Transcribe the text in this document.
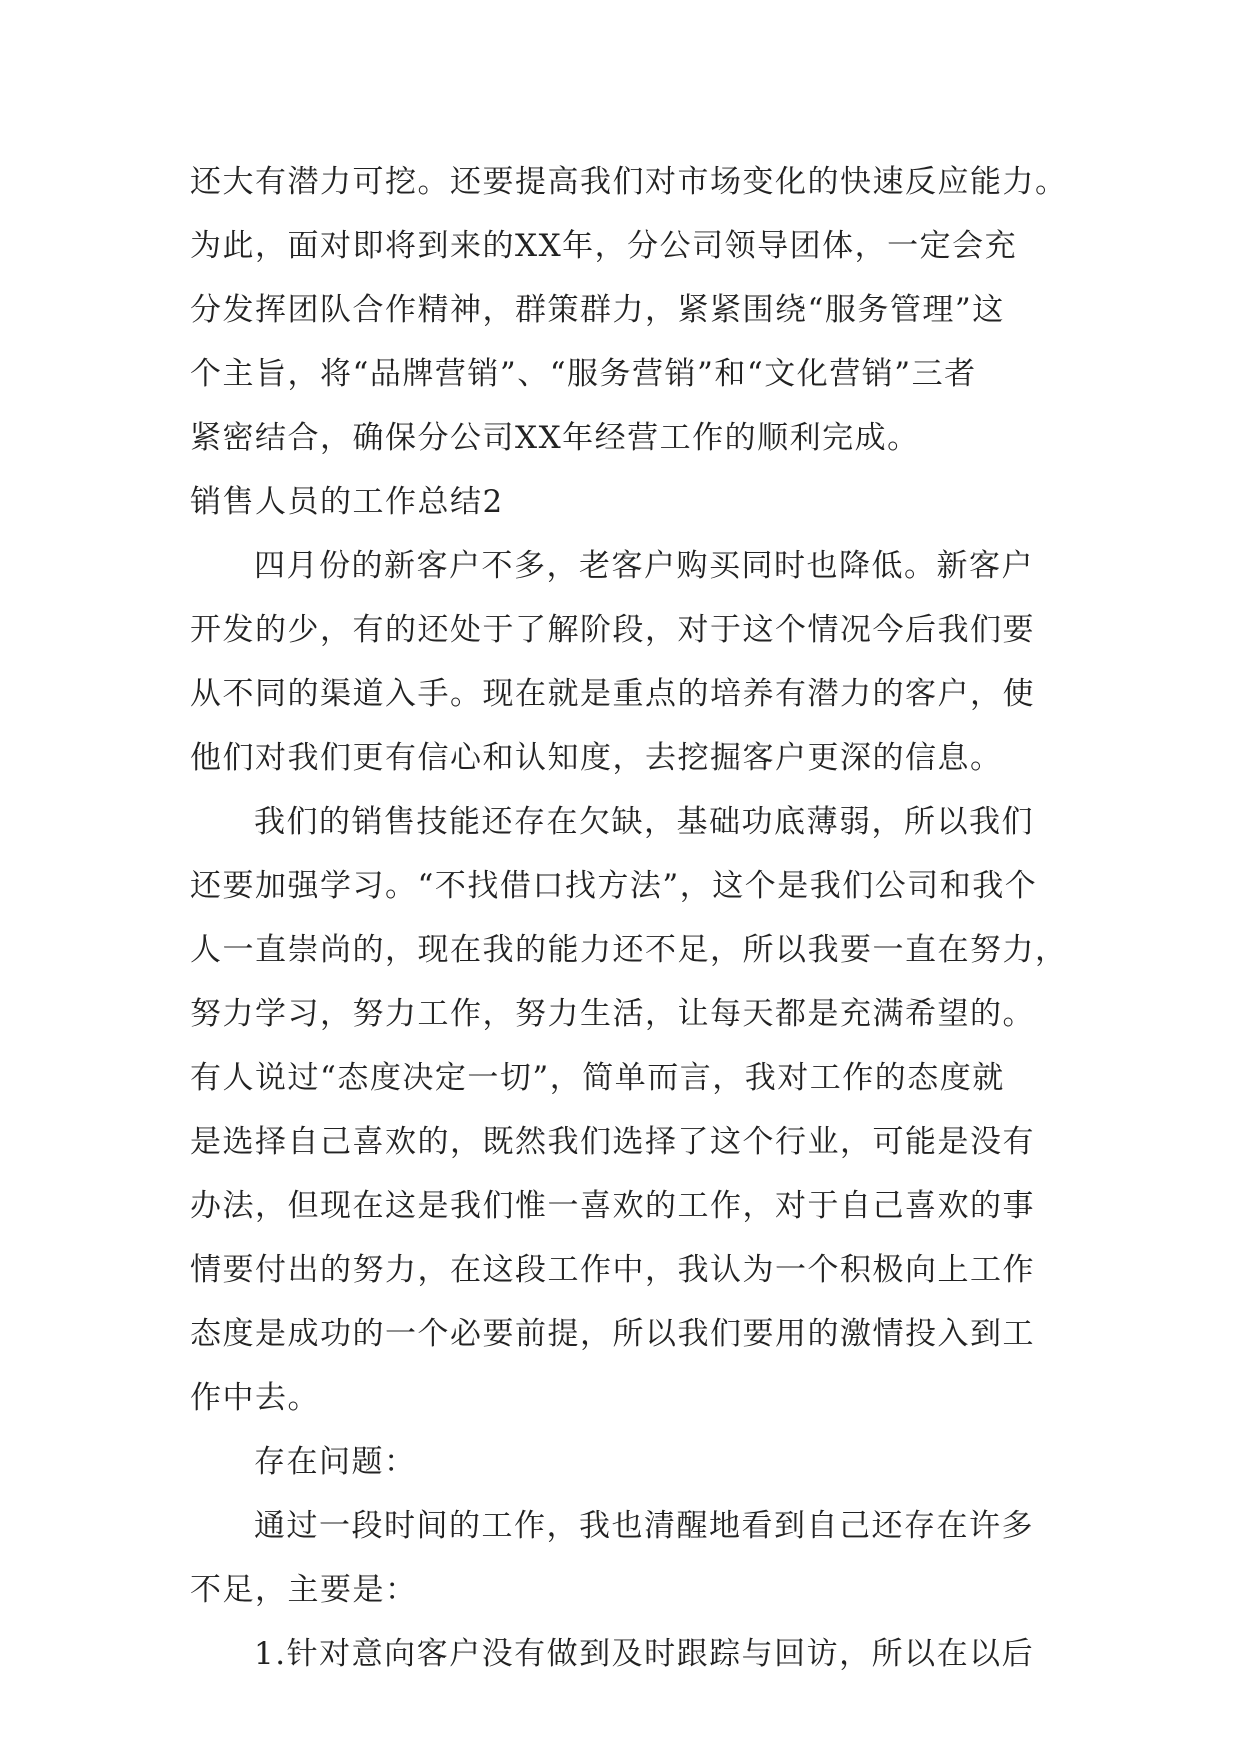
还大有潜力可挖。还要提高我们对市场变化的快速反应能力。
为此，面对即将到来的XX年，分公司领导团体，一定会充
分发挥团队合作精神，群策群力，紧紧围绕“服务管理”这
个主旨，将“品牌营销”、“服务营销”和“文化营销”三者
紧密结合，确保分公司XX年经营工作的顺利完成。
销售人员的工作总结2
四月份的新客户不多，老客户购买同时也降低。新客户
开发的少，有的还处于了解阶段，对于这个情况今后我们要
从不同的渠道入手。现在就是重点的培养有潜力的客户，使
他们对我们更有信心和认知度，去挖掘客户更深的信息。
我们的销售技能还存在欠缺，基础功底薄弱，所以我们
还要加强学习。“不找借口找方法”，这个是我们公司和我个
人一直崇尚的，现在我的能力还不足，所以我要一直在努力，
努力学习，努力工作，努力生活，让每天都是充满希望的。
有人说过“态度决定一切”，简单而言，我对工作的态度就
是选择自己喜欢的，既然我们选择了这个行业，可能是没有
办法，但现在这是我们惟一喜欢的工作，对于自己喜欢的事
情要付出的努力，在这段工作中，我认为一个积极向上工作
态度是成功的一个必要前提，所以我们要用的激情投入到工
作中去。
存在问题：
通过一段时间的工作，我也清醒地看到自己还存在许多
不足，主要是：
1.针对意向客户没有做到及时跟踪与回访，所以在以后
